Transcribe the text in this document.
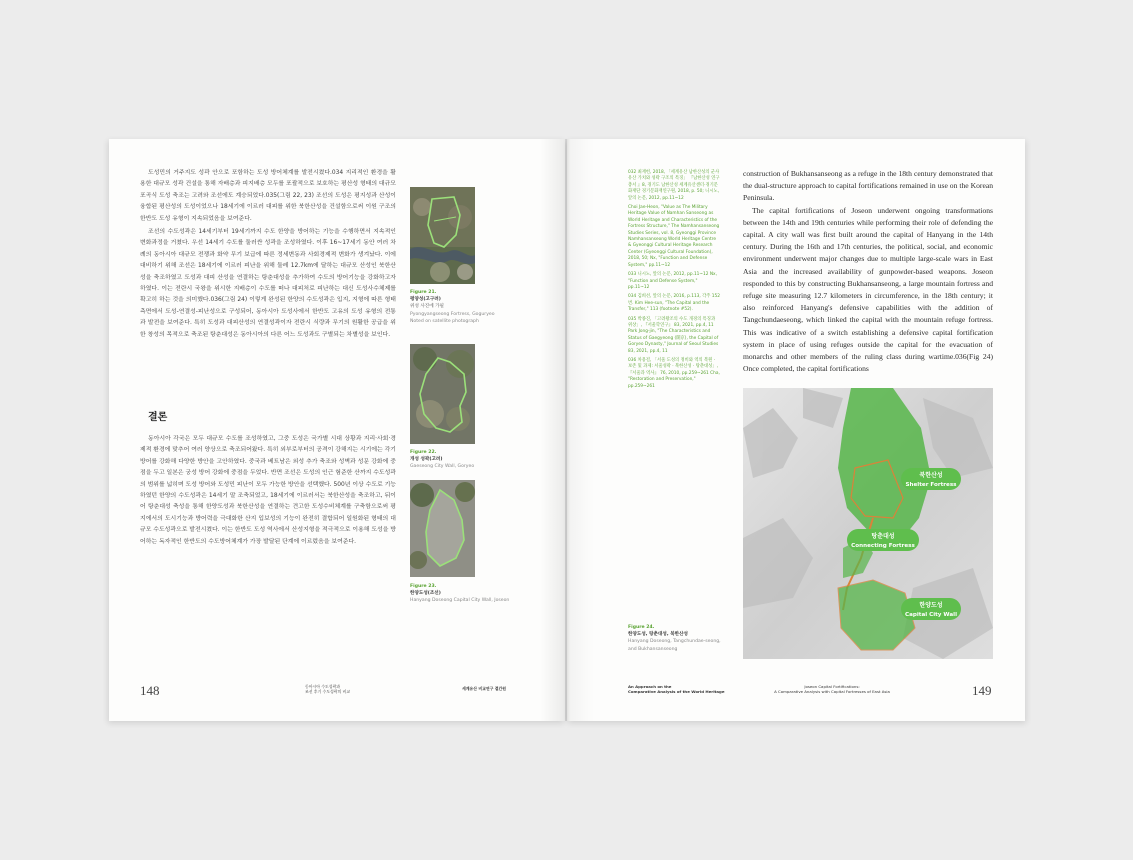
도성민의 거주지도 성곽 안으로 포함하는 도성 방어체계를 발전시켰다.034 지리적인 환경을 활용한 대규모 성곽 건설을 통해 자배층과 피지배층 모두를 포괄적으로 보호하는 평산성 형태의 대규모 포곡식 도성 축조는 고려와 조선에도 계승되었다.035(그림 22, 23) 조선의 도성은 평지성과 산성이 융합된 평산성의 도성이었으나 18세기에 이르러 대피를 위한 북한산성을 건설함으로써 이원 구조의 한반도 도성 유형이 지속되었음을 보여준다.

조선의 수도성곽은 14세기부터 19세기까지 수도 한양을 방어하는 기능을 수행하면서 지속적인 변화과정을 거쳤다. 우선 14세기 수도를 둘러싼 성곽을 조성하였다. 이후 16~17세기 동안 여러 차례의 동아시아 대규모 전쟁과 화약 무기 보급에 따른 정세변동과 사회경제적 변화가 생겨났다. 이에 대비하기 위해 조선은 18세기에 이르러 피난을 위해 둘레 12.7km에 달하는 대규모 산성인 북한산성을 축조하였고 도성과 대피 산성을 연결하는 탕춘대성을 추가하여 수도의 방어기능을 강화하고자 하였다. 이는 전란시 국왕을 위시한 지배층이 수도를 떠나 대피처로 피난하는 대신 도성사수체제를 확고히 하는 것을 의미했다.036(그림 24) 이렇게 완성된 한양의 수도성곽은 입지, 지형에 따른 형태 측면에서 도성-연결성-피난성으로 구성되어, 동아시아 도성사에서 한반도 고유의 도성 유형의 전통과 발전을 보여준다. 특히 도성과 대피산성의 연결성곽이자 전란시 식량과 무기의 원활한 공급을 위한 창성의 목적으로 축조된 탕춘대성은 동아시아의 다른 어느 도성과도 구별되는 차별성을 보인다.

결론

동아시아 각국은 모두 대규모 수도를 조성하였고, 그중 도성은 국가별 시대 상황과 지리·사회·경제적 환경에 맞추어 여러 양상으로 축조되어왔다. 특히 외부로부터의 공격이 강해지는 시기에는 각기 방어를 강화해 다양한 방안을 고안하였다. 중국과 베트남은 외성 추가 축조와 성벽과 성문 강화에 중점을 두고 일본은 궁성 방어 강화에 중점을 두었다. 반면 조선은 도성의 인근 험준한 산까지 수도성곽의 범위를 넓히며 도성 방어와 도성민 피난이 모두 가능한 방안을 선택했다. 500년 이상 수도로 기능하였던 한양의 수도성곽은 14세기 말 조축되었고, 18세기에 이르러서는 북한산성을 축조하고, 뒤이어 탕춘대성 축성을 통해 한양도성과 북한산성을 연결하는 견고한 도성수비체계를 구축함으로써 평지에서의 도시기능과 방어력을 극대화한 산지 입보성의 기능이 완전히 결합되어 일원화된 형태의 대규모 수도성곽으로 발전시켰다. 이는 한반도 도성 역사에서 산성지형을 적극적으로 이용해 도성을 방어하는 독자적인 한반도의 수도방어체계가 가장 발달된 단계에 이르렀음을 보여준다.

Figure 21.
평양성(고구려)
위성 사진에 가필
Pyongyangseong Fortress, Goguryeo
Noted on satellite photograph
Figure 22.
개성 성곽(고려)
Gaeseong City Wall, Goryeo
Figure 23.
한양도성(조선)
Hanyang Doseong Capital City Wall, Joseon
148	동아시아 수도성곽과
조선 후기 수도성곽의 비교
세계유산 비교연구 결간원

032 최재헌, 2018, 「세계유산 남한산성의 군사 유산 가치와 성곽 구조의 특징」 『남한산성 연구총서 』8, 경기도 남한산성 세계유산센터·경기문화재단 경기문화재연구원, 2018, p. 50; 니시노, 앞의 논문, 2012, pp.11~12

Choi Jae-Heon, "Value as The Military Heritage Value of Namhan Sanseong as World Heritage and Characteristics of the Fortress Structure," The Namhansanseong Studies Series, vol. 8, Gyeonggi Province Namhansanseong World Heritage Centre & Gyeonggi Cultural Heritage Research Center (Gyeonggi Cultural Foundation), 2018, 50; Nx, "Function and Defense System," pp.11~12

033 니시노, 앞의 논문, 2012, pp.11~12 Nx, "Function and Defense System," pp.11~12

034 김희선, 앞의 논문, 2016, p.113, 각주 152번. Kim Hee-sun, "The Capital and the Transfer," 113 (footnote #52).

035 박종진, 「고려왕조의 수도 개경의 특징과 위상」, 『서울학연구』 83, 2021, pp.4, 11 Park Jong-jin, "The Characteristics and Status of Gaegyeong (開京), the Capital of Goryeo Dynasty," Journal of Seoul Studies 83, 2021, pp.4, 11

036 차용걸, 「서울 도성의 정비와 역의 복원 · 보존 및 과제: 서울성곽 · 북한산성 · 탕춘대성」, 『서울과 역사』 76, 2010, pp.259~261 Cha, "Restoration and Preservation," pp.259~261

construction of Bukhansanseong as a refuge in the 18th century demonstrated that the dual-structure approach to capital fortifications remained in use on the Korean Peninsula.

The capital fortifications of Joseon underwent ongoing transformations between the 14th and 19th centuries while performing their role of defending the capital. A city wall was first built around the capital of Hanyang in the 14th century. During the 16th and 17th centuries, the political, social, and economic environment underwent major changes due to multiple large-scale wars in East Asia and the increased availability of gunpowder-based weapons. Joseon responded to this by constructing Bukhansanseong, a large mountain fortress and refuge site measuring 12.7 kilometers in circumference, in the 18th century; it also reinforced Hanyang's defensive capabilities with the addition of Tangchundaeseong, which linked the capital with the mountain refuge fortress. This was indicative of a switch establishing a defensive capital fortification system in place of using refuges outside the capital for the evacuation of monarchs and other members of the ruling class during wartime.036(Fig 24) Once completed, the capital fortifications

북한산성
Shelter Fortress
탕춘대성
Connecting Fortress
한양도성
Capital City Wall
Figure 24.
한양도성, 탕춘대성, 북한산성
Hanyang Doseong, Tangchundae-seong, and Bukhansanseong
An Approach on the
Comparative Analysis of the World Heritage
Joseon Capital Fortifications:
A Comparative Analysis with Capital Fortresses of East Asia	149
